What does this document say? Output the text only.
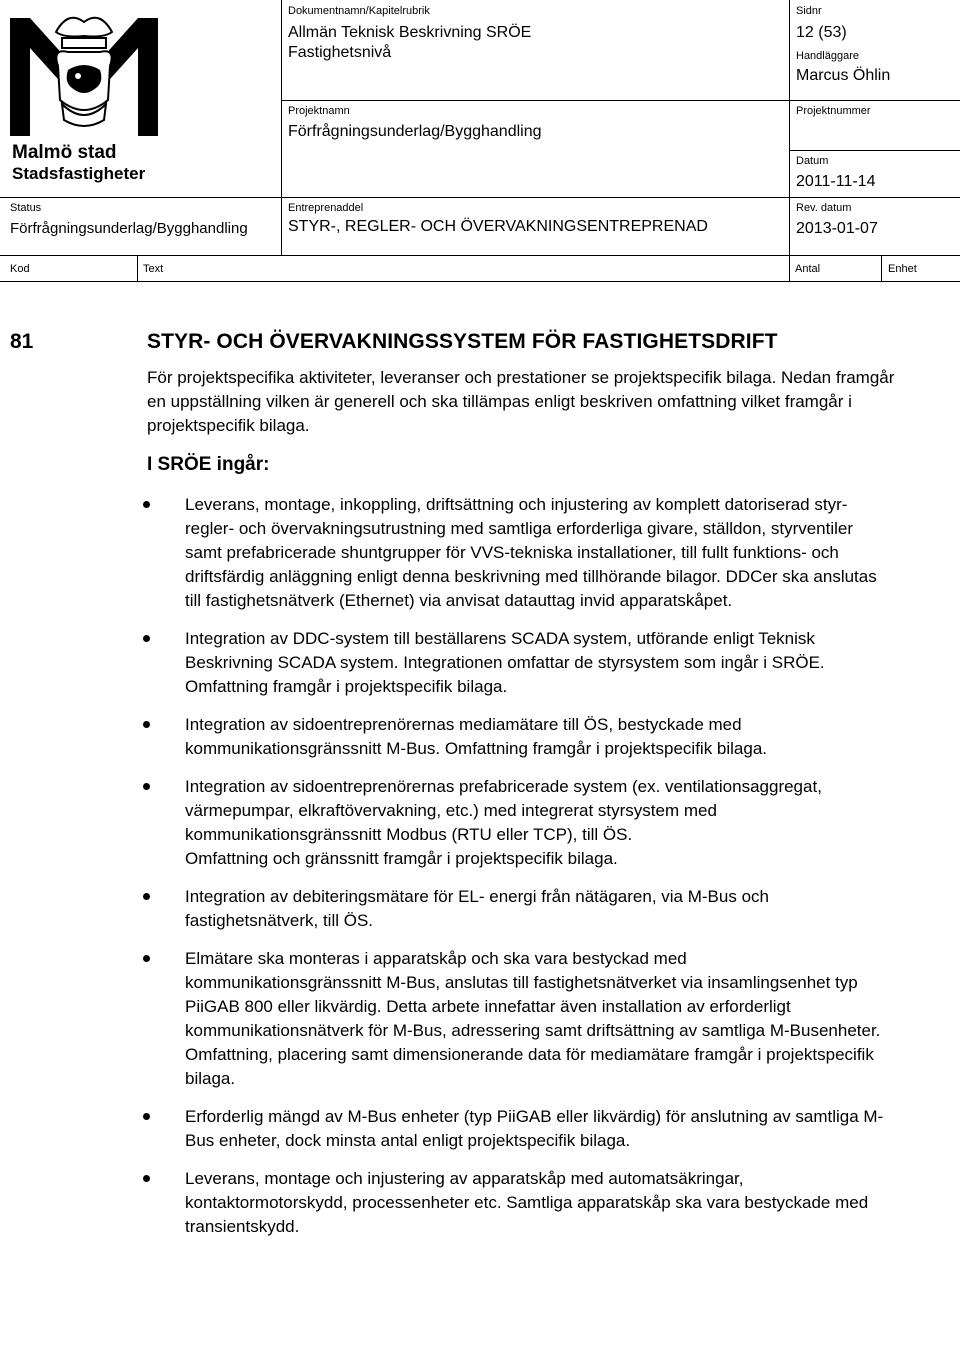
Malmö stad
Stadsfastigheter
Dokumentnamn/Kapitelrubrik
Allmän Teknisk Beskrivning SRÖE
Fastighetsnivå
Sidnr
12 (53)
Handläggare
Marcus Öhlin
Projektnamn
Förfrågningsunderlag/Bygghandling
Projektnummer
Datum
2011-11-14
Status
Förfrågningsunderlag/Bygghandling
Entreprenaddel
STYR-, REGLER- OCH ÖVERVAKNINGSENTREPRENAD
Rev. datum
2013-01-07
Kod	Text	Antal	Enhet
81	STYR- OCH ÖVERVAKNINGSSYSTEM FÖR FASTIGHETSDRIFT

För projektspecifika aktiviteter, leveranser och prestationer se projektspecifik bilaga. Nedan framgår en uppställning vilken är generell och ska tillämpas enligt beskriven omfattning vilket framgår i projektspecifik bilaga.

I SRÖE ingår:

Leverans, montage, inkoppling, driftsättning och injustering av komplett datoriserad styr- regler- och övervakningsutrustning med samtliga erforderliga givare, ställdon, styrventiler samt prefabricerade shuntgrupper för VVS-tekniska installationer, till fullt funktions- och driftsfärdig anläggning enligt denna beskrivning med tillhörande bilagor. DDCer ska anslutas till fastighetsnätverk (Ethernet) via anvisat datauttag invid apparatskåpet.

Integration av DDC-system till beställarens SCADA system, utförande enligt Teknisk Beskrivning SCADA system. Integrationen omfattar de styrsystem som ingår i SRÖE. Omfattning framgår i projektspecifik bilaga.

Integration av sidoentreprenörernas mediamätare till ÖS, bestyckade med kommunikationsgränssnitt M-Bus. Omfattning framgår i projektspecifik bilaga.

Integration av sidoentreprenörernas prefabricerade system (ex. ventilationsaggregat, värmepumpar, elkraftövervakning, etc.) med integrerat styrsystem med kommunikationsgränssnitt Modbus (RTU eller TCP), till ÖS.

Omfattning och gränssnitt framgår i projektspecifik bilaga.

Integration av debiteringsmätare för EL- energi från nätägaren, via M-Bus och fastighetsnätverk, till ÖS.

Elmätare ska monteras i apparatskåp och ska vara bestyckad med kommunikationsgränssnitt M-Bus, anslutas till fastighetsnätverket via insamlingsenhet typ PiiGAB 800 eller likvärdig. Detta arbete innefattar även installation av erforderligt kommunikationsnätverk för M-Bus, adressering samt driftsättning av samtliga M-Busenheter.

Omfattning, placering samt dimensionerande data för mediamätare framgår i projektspecifik bilaga.

Erforderlig mängd av M-Bus enheter (typ PiiGAB eller likvärdig) för anslutning av samtliga M-Bus enheter, dock minsta antal enligt projektspecifik bilaga.

Leverans, montage och injustering av apparatskåp med automatsäkringar, kontaktormotorskydd, processenheter etc. Samtliga apparatskåp ska vara bestyckade med transientskydd.
